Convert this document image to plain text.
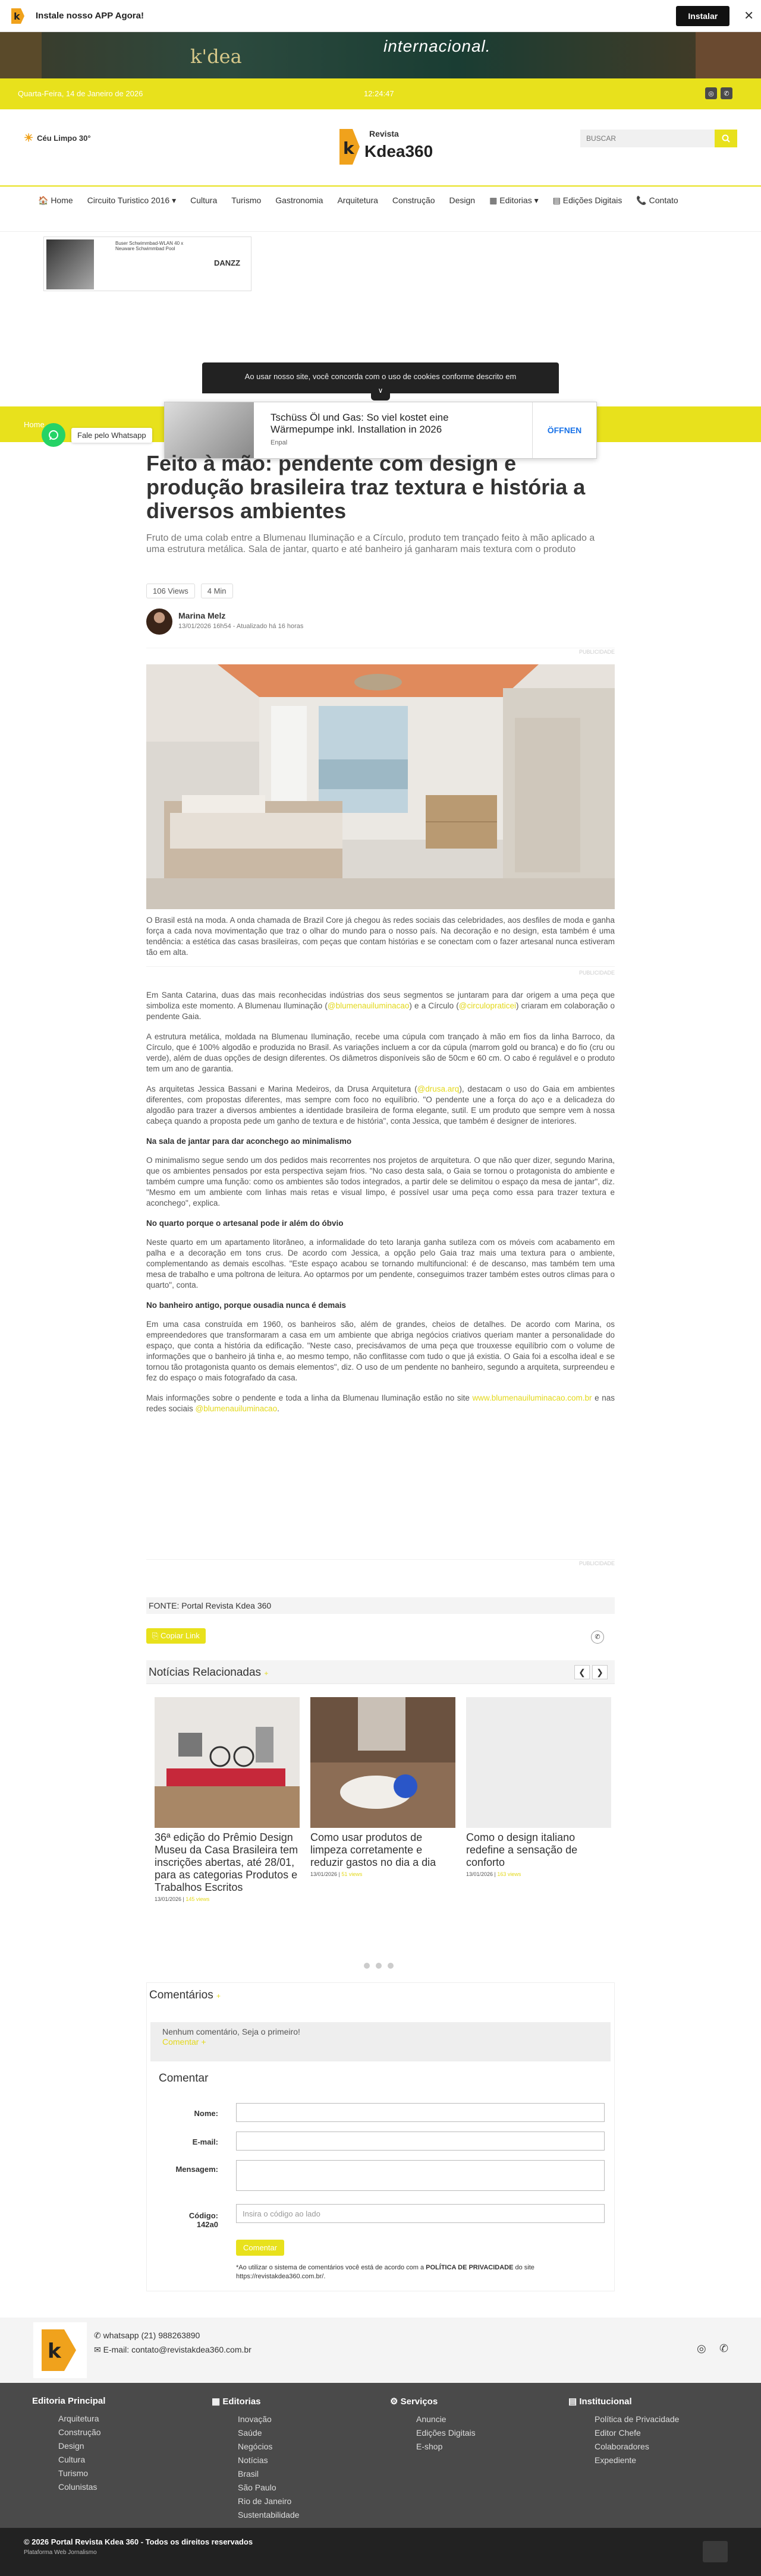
k Instale nosso APP Agora!	Instalar	✕
k'dea	internacional.
Quarta-Feira, 14 de Janeiro de 2026	12:24:47	◎	✆
☀ Céu Limpo 30°
k
Revista
Kdea360
BUSCAR
🏠 Home	Circuito Turistico 2016 ▾	Cultura	Turismo	Gastronomia	Arquitetura	Construção	Design	▦ Editorias ▾	▤ Edições Digitais	📞 Contato
Buser Schwimmbad-WLAN 40 x Neuware Schwimmbad Pool
DANZZ
Ao usar nosso site, você concorda com o uso de cookies conforme descrito em
∨
Home
Fale pelo Whatsapp
Tschüss Öl und Gas: So viel kostet eine Wärmepumpe inkl. Installation in 2026
Enpal
ÖFFNEN
Feito à mão: pendente com design e produção brasileira traz textura e história a diversos ambientes

Fruto de uma colab entre a Blumenau Iluminação e a Círculo, produto tem trançado feito à mão aplicado a uma estrutura metálica. Sala de jantar, quarto e até banheiro já ganharam mais textura com o produto

106 Views	4 Min
Marina Melz
13/01/2026 16h54 - Atualizado há 16 horas
PUBLICIDADE

O Brasil está na moda. A onda chamada de Brazil Core já chegou às redes sociais das celebridades, aos desfiles de moda e ganha força a cada nova movimentação que traz o olhar do mundo para o nosso país. Na decoração e no design, esta também é uma tendência: a estética das casas brasileiras, com peças que contam histórias e se conectam com o fazer artesanal nunca estiveram tão em alta.

PUBLICIDADE

Em Santa Catarina, duas das mais reconhecidas indústrias dos seus segmentos se juntaram para dar origem a uma peça que simboliza este momento. A Blumenau Iluminação (@blumenauiluminacao) e a Círculo (@circulopraticei) criaram em colaboração o pendente Gaia.

A estrutura metálica, moldada na Blumenau Iluminação, recebe uma cúpula com trançado à mão em fios da linha Barroco, da Círculo, que é 100% algodão e produzida no Brasil. As variações incluem a cor da cúpula (marrom gold ou branca) e do fio (cru ou verde), além de duas opções de design diferentes. Os diâmetros disponíveis são de 50cm e 60 cm. O cabo é regulável e o produto tem um ano de garantia.

As arquitetas Jessica Bassani e Marina Medeiros, da Drusa Arquitetura (@drusa.arq), destacam o uso do Gaia em ambientes diferentes, com propostas diferentes, mas sempre com foco no equilíbrio. "O pendente une a força do aço e a delicadeza do algodão para trazer a diversos ambientes a identidade brasileira de forma elegante, sutil. E um produto que sempre vem à nossa cabeça quando a proposta pede um ganho de textura e de história", conta Jessica, que também é designer de interiores.

Na sala de jantar para dar aconchego ao minimalismo

O minimalismo segue sendo um dos pedidos mais recorrentes nos projetos de arquitetura. O que não quer dizer, segundo Marina, que os ambientes pensados por esta perspectiva sejam frios. "No caso desta sala, o Gaia se tornou o protagonista do ambiente e também cumpre uma função: como os ambientes são todos integrados, a partir dele se delimitou o espaço da mesa de jantar", diz. "Mesmo em um ambiente com linhas mais retas e visual limpo, é possível usar uma peça como essa para trazer textura e aconchego", explica.

No quarto porque o artesanal pode ir além do óbvio

Neste quarto em um apartamento litorâneo, a informalidade do teto laranja ganha sutileza com os móveis com acabamento em palha e a decoração em tons crus. De acordo com Jessica, a opção pelo Gaia traz mais uma textura para o ambiente, complementando as demais escolhas. "Este espaço acabou se tornando multifuncional: é de descanso, mas também tem uma mesa de trabalho e uma poltrona de leitura. Ao optarmos por um pendente, conseguimos trazer também estes outros climas para o quarto", conta.

No banheiro antigo, porque ousadia nunca é demais

Em uma casa construída em 1960, os banheiros são, além de grandes, cheios de detalhes. De acordo com Marina, os empreendedores que transformaram a casa em um ambiente que abriga negócios criativos queriam manter a personalidade do espaço, que conta a história da edificação. "Neste caso, precisávamos de uma peça que trouxesse equilíbrio com o volume de informações que o banheiro já tinha e, ao mesmo tempo, não conflitasse com tudo o que já existia. O Gaia foi a escolha ideal e se tornou tão protagonista quanto os demais elementos", diz. O uso de um pendente no banheiro, segundo a arquiteta, surpreendeu e fez do espaço o mais fotografado da casa.

Mais informações sobre o pendente e toda a linha da Blumenau Iluminação estão no site www.blumenauiluminacao.com.br e nas redes sociais @blumenauiluminacao.

PUBLICIDADE
FONTE: Portal Revista Kdea 360
⎘ Copiar Link	✆
Notícias Relacionadas +	❮	❯
36ª edição do Prêmio Design Museu da Casa Brasileira tem inscrições abertas, até 28/01, para as categorias Produtos e Trabalhos Escritos
13/01/2026 | 145 views
Como usar produtos de limpeza corretamente e reduzir gastos no dia a dia
13/01/2026 | 51 views
Como o design italiano redefine a sensação de conforto
13/01/2026 | 163 views
Comentários +
Nenhum comentário, Seja o primeiro!
Comentar +
Comentar
Nome:
E-mail:
Mensagem:
Código:
142a0
Insira o código ao lado
Comentar
*Ao utilizar o sistema de comentários você está de acordo com a POLÍTICA DE PRIVACIDADE do site https://revistakdea360.com.br/.
k
✆ whatsapp (21) 988263890
✉ E-mail: contato@revistakdea360.com.br	◎ ✆
Editoria Principal
Arquitetura
Construção
Design
Cultura
Turismo
Colunistas
▦ Editorias
Inovação
Saúde
Negócios
Notícias
Brasil
São Paulo
Rio de Janeiro
Sustentabilidade
⚙ Serviços
Anuncie
Edições Digitais
E-shop
▤ Institucional
Política de Privacidade
Editor Chefe
Colaboradores
Expediente
© 2026 Portal Revista Kdea 360 - Todos os direitos reservados
Plataforma Web Jornalismo
